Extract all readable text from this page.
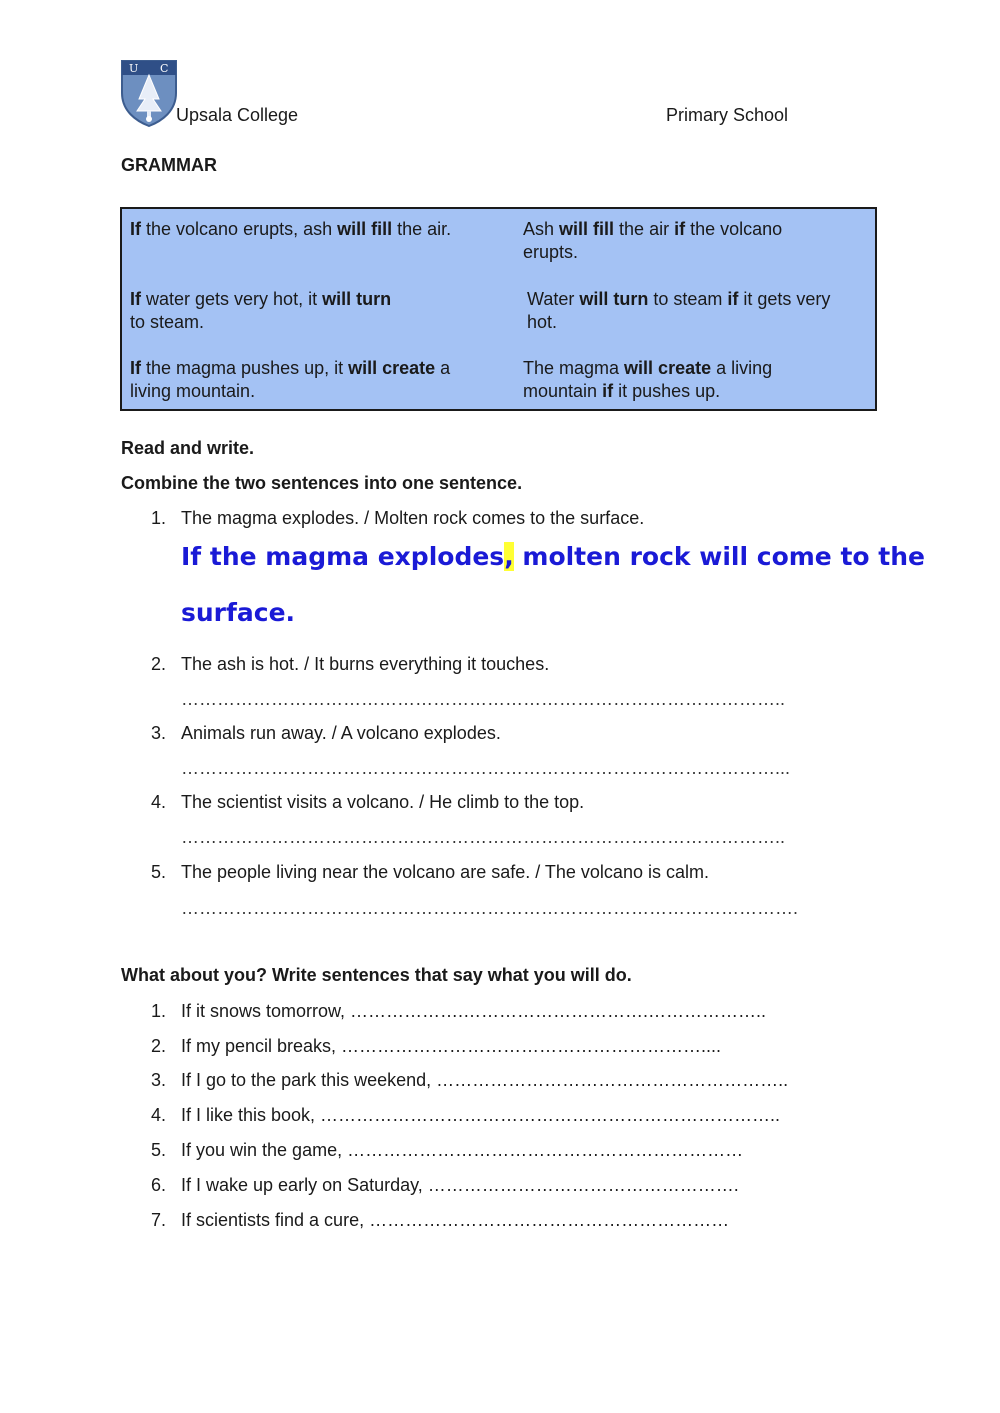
U C
Upsala College	Primary School
GRAMMAR
If the volcano erupts, ash will fill the air.	Ash will fill the air if the volcano
erupts.
If water gets very hot, it will turn
to steam.
Water will turn to steam if it gets very
hot.
If the magma pushes up, it will create a
living mountain.
The magma will create a living
mountain if it pushes up.
Read and write.
Combine the two sentences into one sentence.
1. The magma explodes. / Molten rock comes to the surface.
If the magma explodes, molten rock will come to the
surface.
2. The ash is hot. / It burns everything it touches.
………………………………………………………………………………………..
3. Animals run away. / A volcano explodes.
………………………………………………………………………………………...
4. The scientist visits a volcano. / He climb to the top.
………………………………………………………………………………………..
5. The people living near the volcano are safe. / The volcano is calm.
………………………………………………………………………………………….
What about you? Write sentences that say what you will do.
1. If it snows tomorrow, ……………….………………………….………………..
2. If my pencil breaks, ……………………………………………………....
3. If I go to the park this weekend, …………………………………………………..
4. If I like this book, …………………………………………………………………..
5. If you win the game, …………………………………………………………
6. If I wake up early on Saturday, …………………………………………….
7. If scientists find a cure, ……………………………………………………
